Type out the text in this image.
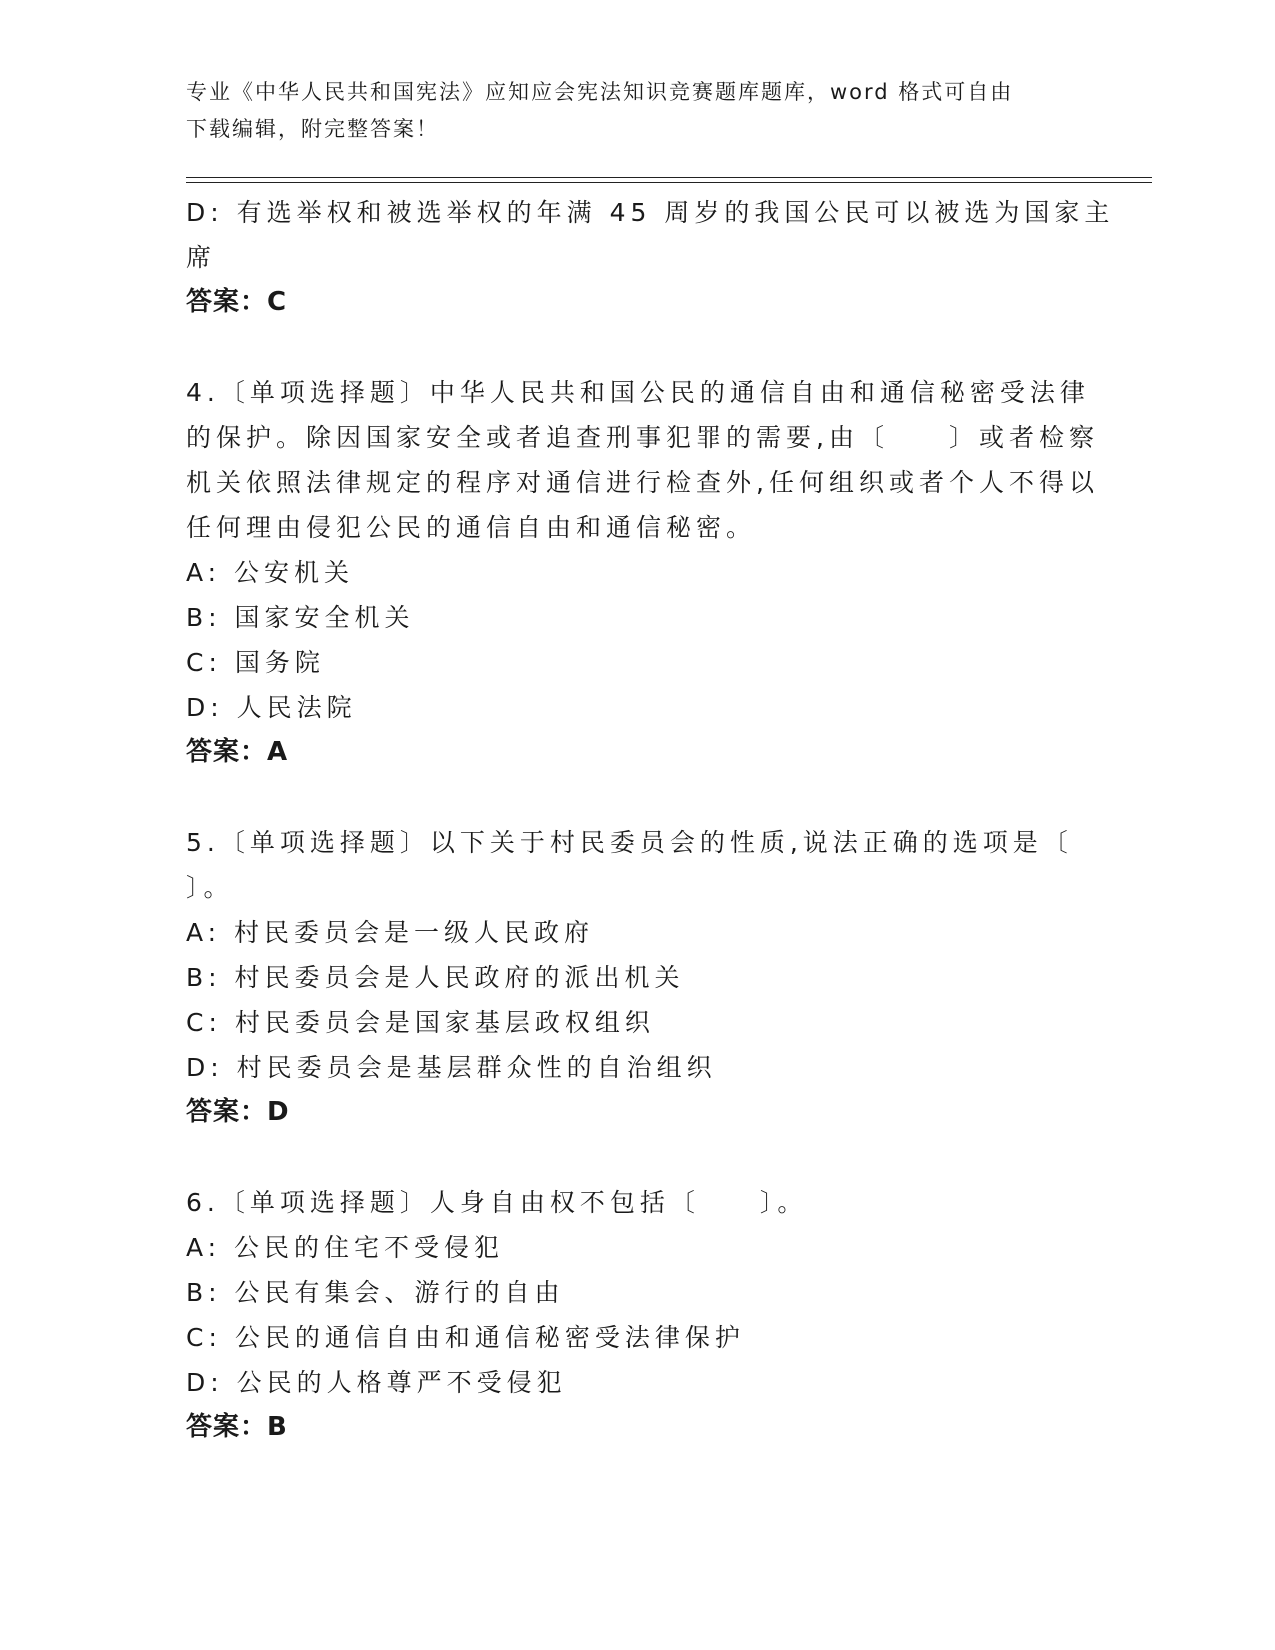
专业《中华人民共和国宪法》应知应会宪法知识竞赛题库题库，word 格式可自由
下载编辑，附完整答案！
D: 有选举权和被选举权的年满 45 周岁的我国公民可以被选为国家主
席
答案：C
4.〔单项选择题〕中华人民共和国公民的通信自由和通信秘密受法律
的保护。除因国家安全或者追查刑事犯罪的需要,由〔　　〕或者检察
机关依照法律规定的程序对通信进行检查外,任何组织或者个人不得以
任何理由侵犯公民的通信自由和通信秘密。
A: 公安机关
B: 国家安全机关
C: 国务院
D: 人民法院
答案：A
5.〔单项选择题〕以下关于村民委员会的性质,说法正确的选项是〔
〕。
A: 村民委员会是一级人民政府
B: 村民委员会是人民政府的派出机关
C: 村民委员会是国家基层政权组织
D: 村民委员会是基层群众性的自治组织
答案：D
6.〔单项选择题〕人身自由权不包括〔　　〕。
A: 公民的住宅不受侵犯
B: 公民有集会、游行的自由
C: 公民的通信自由和通信秘密受法律保护
D: 公民的人格尊严不受侵犯
答案：B
